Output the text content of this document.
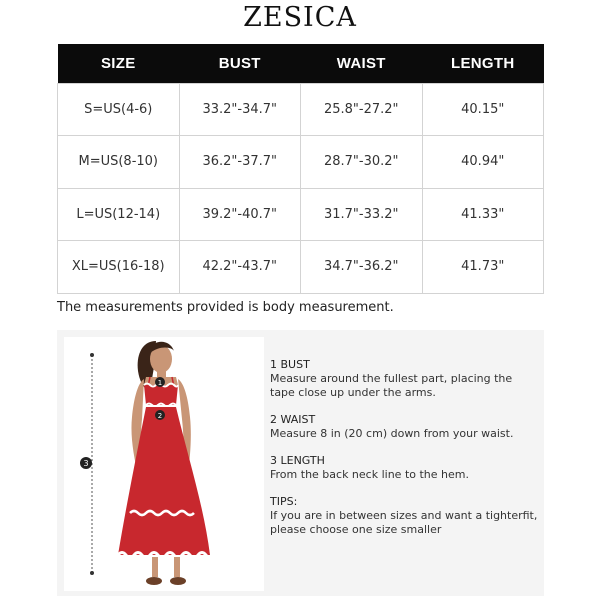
ZESICA
SIZE	BUST	WAIST	LENGTH
S=US(4-6)	33.2"-34.7"	25.8"-27.2"	40.15"
M=US(8-10)	36.2"-37.7"	28.7"-30.2"	40.94"
L=US(12-14)	39.2"-40.7"	31.7"-33.2"	41.33"
XL=US(16-18)	42.2"-43.7"	34.7"-36.2"	41.73"
The measurements provided is body measurement.
1
2
3
1 BUST
Measure around the fullest part, placing the tape close up under the arms.
2 WAIST
Measure 8 in (20 cm) down from your waist.
3 LENGTH
From the back neck line to the hem.
TIPS:
If you are in between sizes and want a tighterfit, please choose one size smaller
